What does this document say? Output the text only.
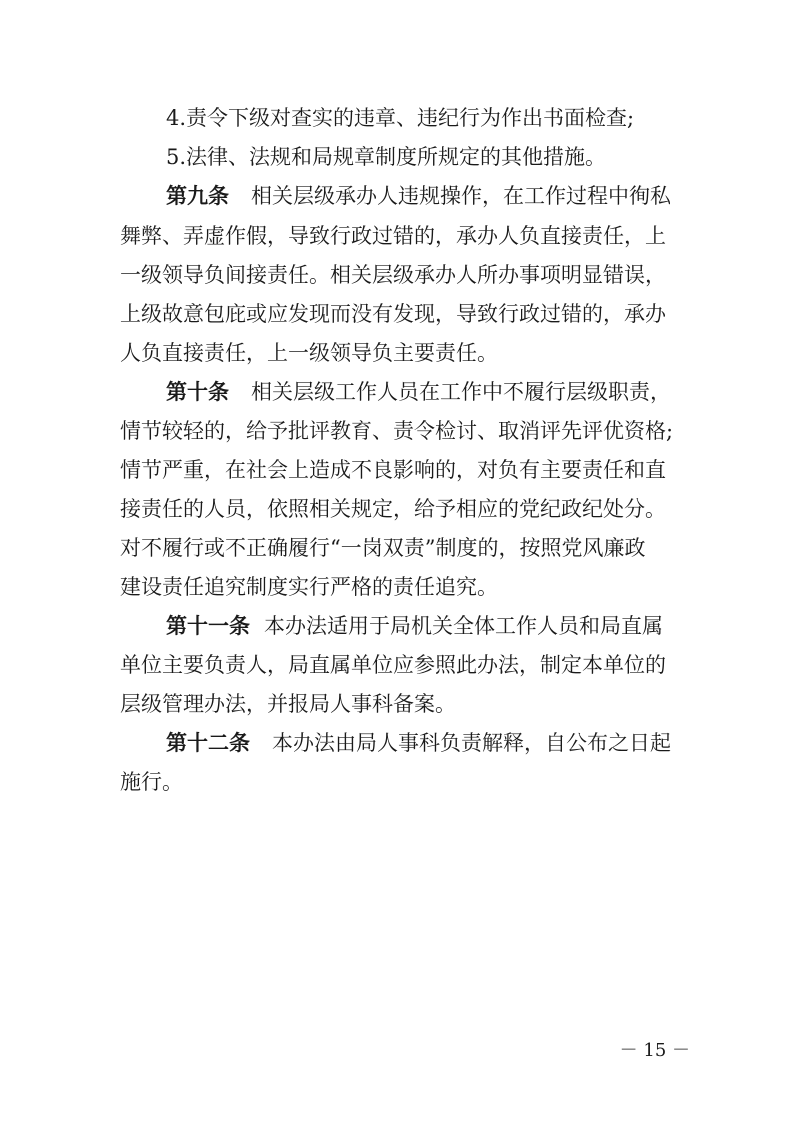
4.责令下级对查实的违章、违纪行为作出书面检查;
5.法律、法规和局规章制度所规定的其他措施。
第九条 相关层级承办人违规操作，在工作过程中徇私
舞弊、弄虚作假，导致行政过错的，承办人负直接责任，上
一级领导负间接责任。相关层级承办人所办事项明显错误，
上级故意包庇或应发现而没有发现，导致行政过错的，承办
人负直接责任，上一级领导负主要责任。
第十条 相关层级工作人员在工作中不履行层级职责，
情节较轻的，给予批评教育、责令检讨、取消评先评优资格;
情节严重，在社会上造成不良影响的，对负有主要责任和直
接责任的人员，依照相关规定，给予相应的党纪政纪处分。
对不履行或不正确履行“一岗双责”制度的，按照党风廉政
建设责任追究制度实行严格的责任追究。
第十一条 本办法适用于局机关全体工作人员和局直属
单位主要负责人，局直属单位应参照此办法，制定本单位的
层级管理办法，并报局人事科备案。
第十二条 本办法由局人事科负责解释，自公布之日起
施行。
－ 15 －
